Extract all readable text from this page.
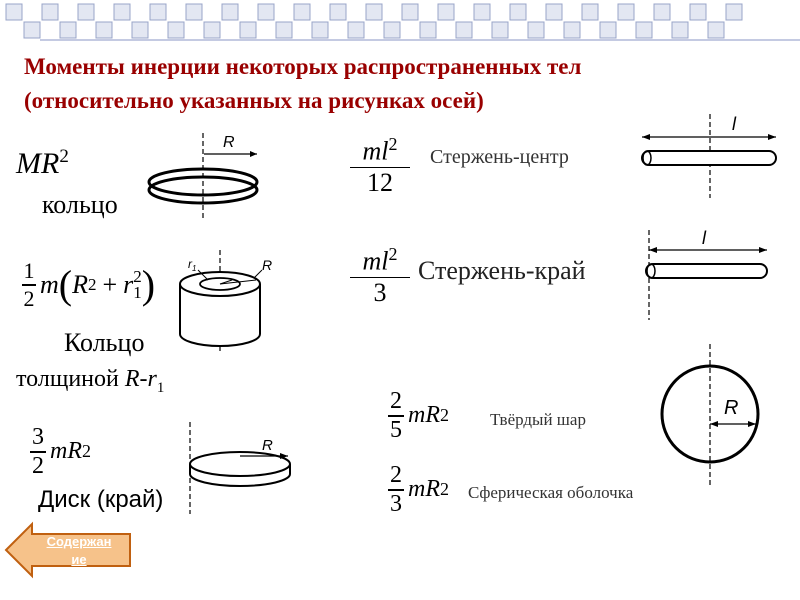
Моменты инерции некоторых распространенных тел
(относительно указанных на рисунках осей)
$MR^2$
кольцо
R	$ml^2$
12
Стержень-центр
l
1
2 m ( R 2 + r 2
1 )
Кольцо
толщиной $R-r_1$
$r_1$	R	$ml^2$
3
Стержень-край
l
2
5
mR 2 Твёрдый шар
R
3
2
mR 2
Диск (край)
R
2
3
mR 2 Сферическая оболочка
Содержан
ие
